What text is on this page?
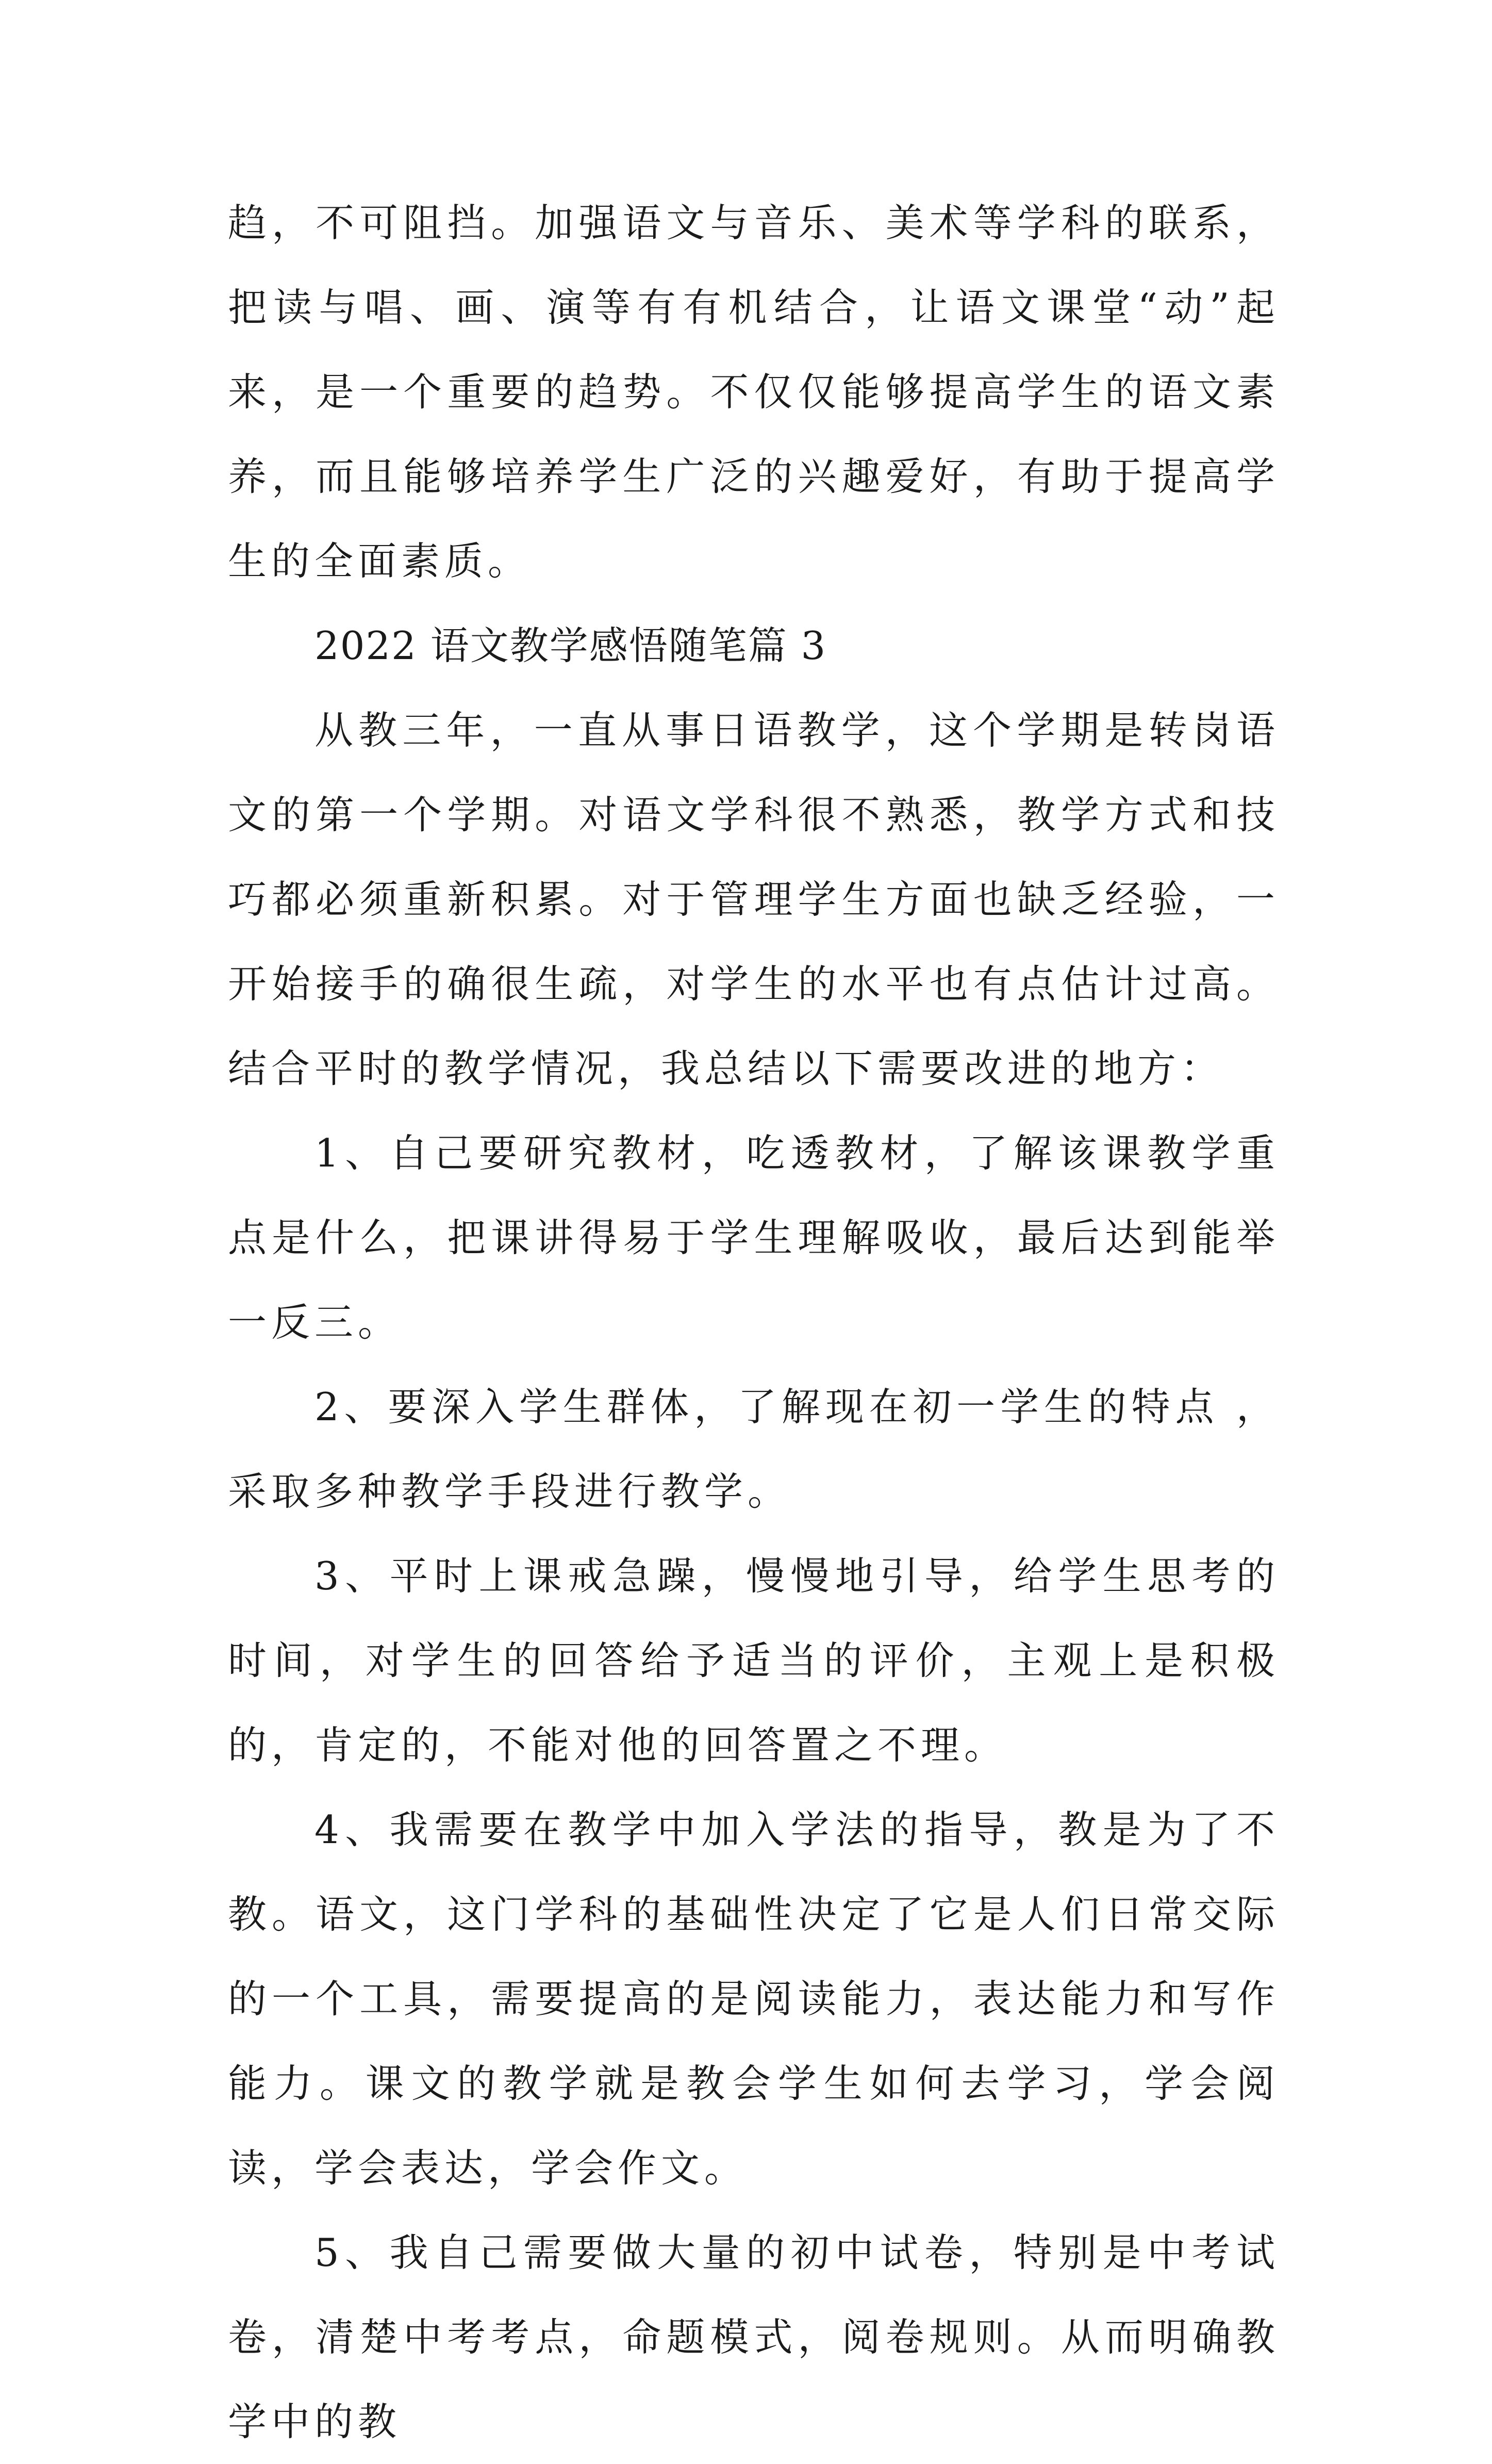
趋，不可阻挡。加强语文与音乐、美术等学科的联系，把读与唱、画、演等有有机结合，让语文课堂“动”起来，是一个重要的趋势。不仅仅能够提高学生的语文素养，而且能够培养学生广泛的兴趣爱好，有助于提高学生的全面素质。

2022 语文教学感悟随笔篇 3

从教三年，一直从事日语教学，这个学期是转岗语文的第一个学期。对语文学科很不熟悉，教学方式和技巧都必须重新积累。对于管理学生方面也缺乏经验，一开始接手的确很生疏，对学生的水平也有点估计过高。结合平时的教学情况，我总结以下需要改进的地方：

1、自己要研究教材，吃透教材，了解该课教学重点是什么，把课讲得易于学生理解吸收，最后达到能举一反三。

2、要深入学生群体，了解现在初一学生的特点 ，采取多种教学手段进行教学。

3、平时上课戒急躁，慢慢地引导，给学生思考的时间，对学生的回答给予适当的评价，主观上是积极的，肯定的，不能对他的回答置之不理。

4、我需要在教学中加入学法的指导，教是为了不教。语文，这门学科的基础性决定了它是人们日常交际的一个工具，需要提高的是阅读能力，表达能力和写作能力。课文的教学就是教会学生如何去学习，学会阅读，学会表达，学会作文。

5、我自己需要做大量的初中试卷，特别是中考试卷，清楚中考考点，命题模式，阅卷规则。从而明确教学中的教
